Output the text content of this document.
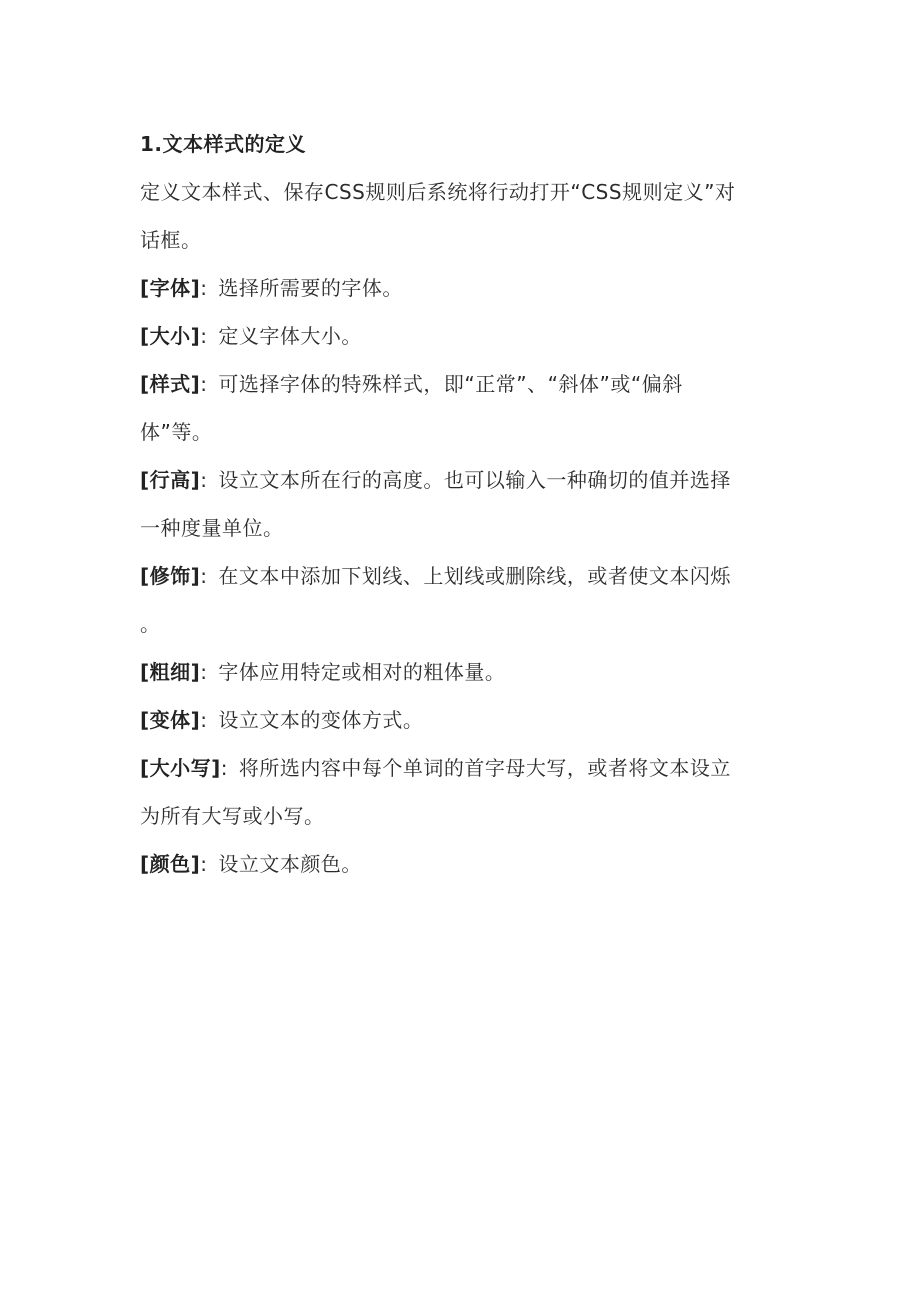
1.文本样式的定义
定义文本样式、保存CSS规则后系统将行动打开“CSS规则定义”对
话框。
[字体]: 选择所需要的字体。
[大小]: 定义字体大小。
[样式]: 可选择字体的特殊样式，即“正常”、“斜体”或“偏斜
体”等。
[行高]: 设立文本所在行的高度。也可以输入一种确切的值并选择
一种度量单位。
[修饰]: 在文本中添加下划线、上划线或删除线，或者使文本闪烁
。
[粗细]: 字体应用特定或相对的粗体量。
[变体]: 设立文本的变体方式。
[大小写]: 将所选内容中每个单词的首字母大写，或者将文本设立
为所有大写或小写。
[颜色]: 设立文本颜色。
